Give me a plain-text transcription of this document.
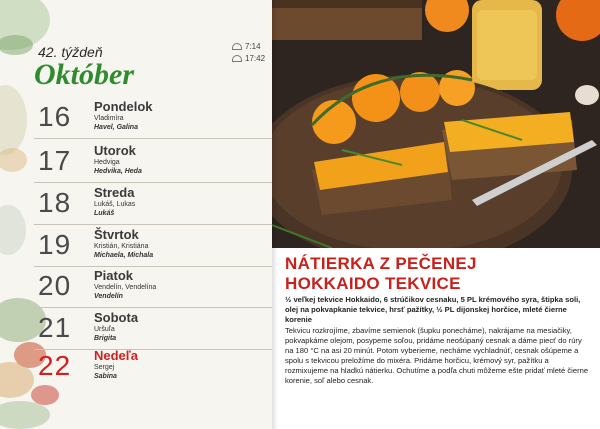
42. týždeň
Október
7:14
17:42
16 Pondelok
Vladimíra
Havel, Galina
17 Utorok
Hedviga
Hedvika, Heda
18 Streda
Lukáš, Lukas
Lukáš
19 Štvrtok
Kristián, Kristiána
Michaela, Michala
20 Piatok
Vendelín, Vendelína
Vendelín
21 Sobota
Uršuľa
Brigita
22 Nedeľa
Sergej
Sabina
NÁTIERKA Z PEČENEJ
HOKKAIDO TEKVICE
½ veľkej tekvice Hokkaido, 6 strúčikov cesnaku, 5 PL krémového syra, štipka soli, olej na pokvapkanie tekvice, hrsť pažítky, ½ PL dijonskej horčice, mleté čierne korenie
Tekvicu rozkrojíme, zbavíme semienok (šupku ponecháme), nakrájame na mesiačiky, pokvapkáme olejom, posypeme soľou, pridáme neošúpaný cesnak a dáme piecť do rúry na 180 °C na asi 20 minút. Potom vyberieme, necháme vychladnúť, cesnak ošúpeme a spolu s tekvicou preložíme do mixéra. Pridáme horčicu, krémový syr, pažítku a rozmixujeme na hladkú nátierku. Ochutíme a podľa chuti môžeme ešte pridať mleté čierne korenie, soľ alebo cesnak.
